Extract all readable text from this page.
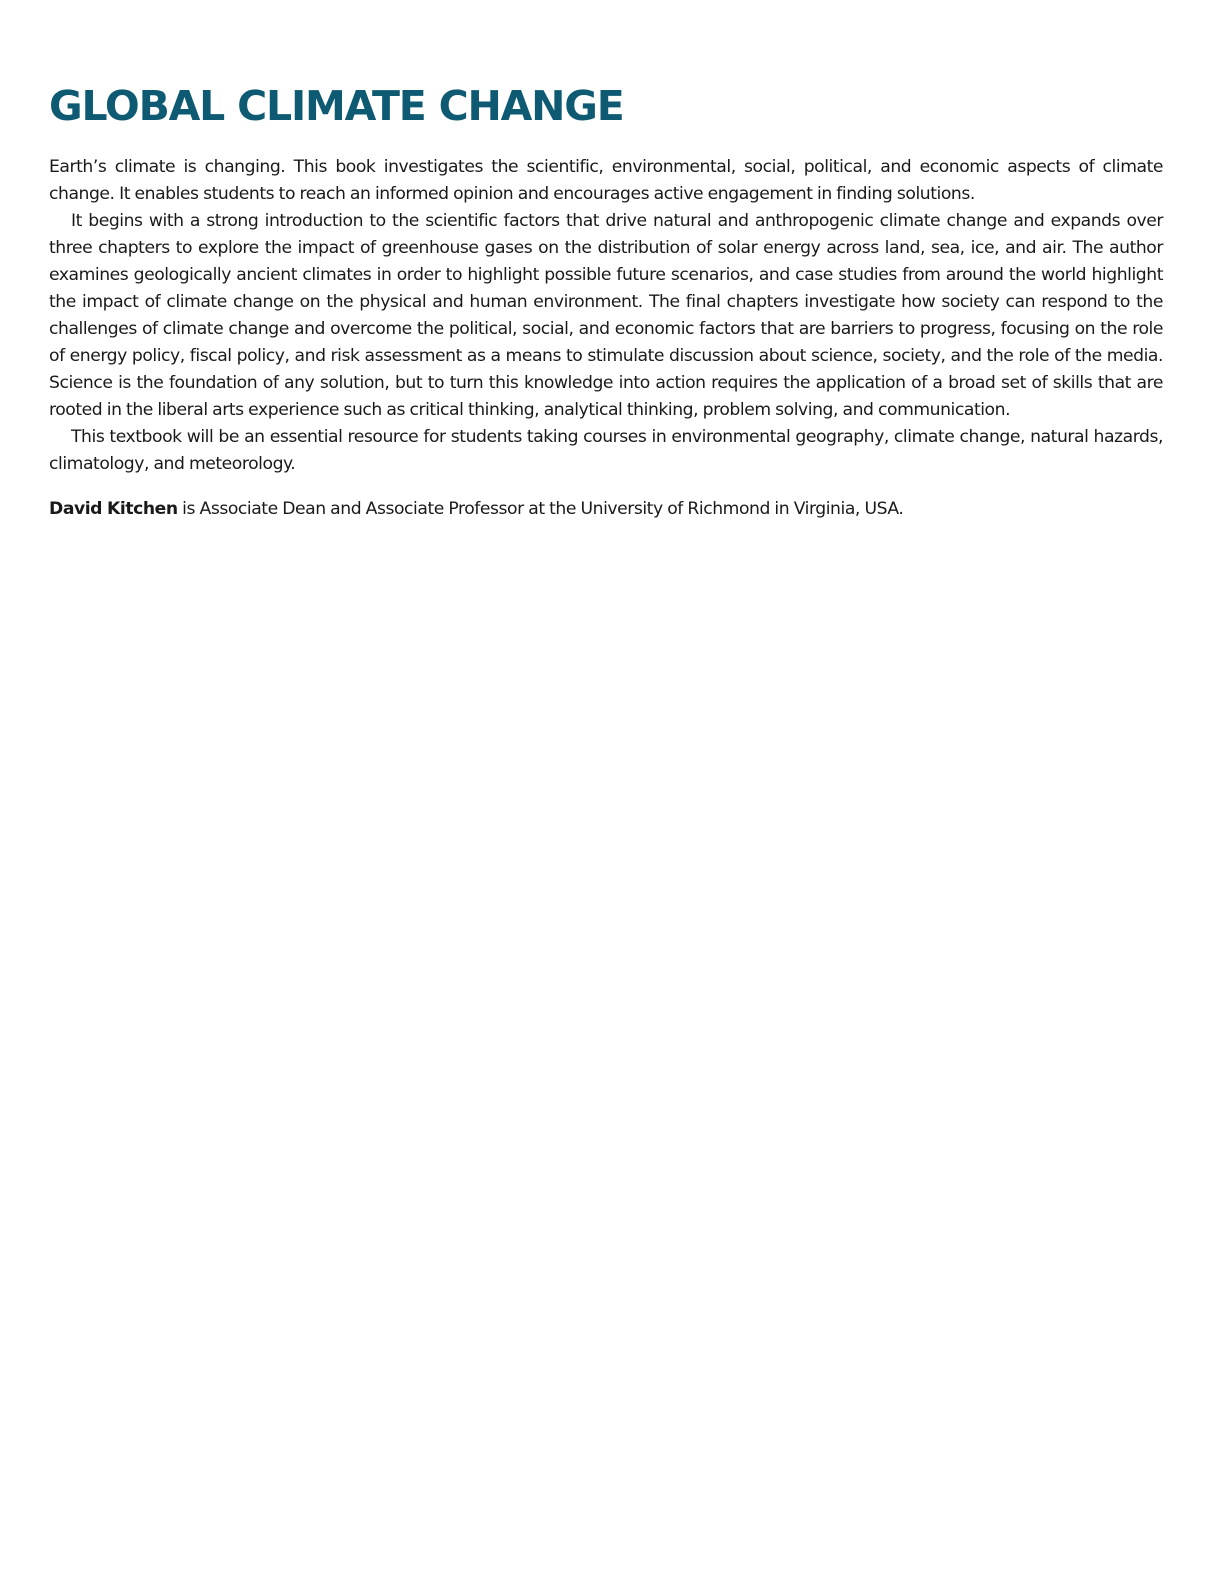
GLOBAL CLIMATE CHANGE

Earth’s climate is changing. This book investigates the scientific, environmental, social, political, and economic aspects of climate change. It enables students to reach an informed opinion and encourages active engagement in finding solutions.

It begins with a strong introduction to the scientific factors that drive natural and anthropogenic climate change and expands over three chapters to explore the impact of greenhouse gases on the distribution of solar energy across land, sea, ice, and air. The author examines geologically ancient climates in order to highlight possible future scenarios, and case studies from around the world highlight the impact of climate change on the physical and human environment. The final chapters investigate how society can respond to the challenges of climate change and overcome the political, social, and economic factors that are barriers to progress, focusing on the role of energy policy, fiscal policy, and risk assessment as a means to stimulate discussion about science, society, and the role of the media. Science is the foundation of any solution, but to turn this knowledge into action requires the application of a broad set of skills that are rooted in the liberal arts experience such as critical thinking, analytical thinking, problem solving, and communication.

This textbook will be an essential resource for students taking courses in environmental geography, climate change, natural hazards, climatology, and meteorology.

David Kitchen is Associate Dean and Associate Professor at the University of Richmond in Virginia, USA.
